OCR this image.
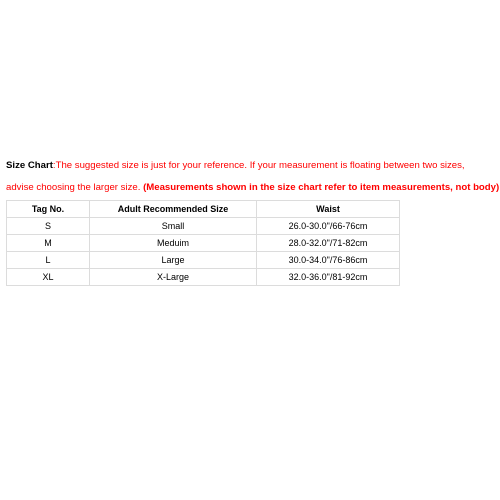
Size Chart:The suggested size is just for your reference. If your measurement is floating between two sizes,
advise choosing the larger size. (Measurements shown in the size chart refer to item measurements, not body)
Tag No.	Adult Recommended Size	Waist
S	Small	26.0-30.0"/66-76cm
M	Meduim	28.0-32.0"/71-82cm
L	Large	30.0-34.0"/76-86cm
XL	X-Large	32.0-36.0"/81-92cm
